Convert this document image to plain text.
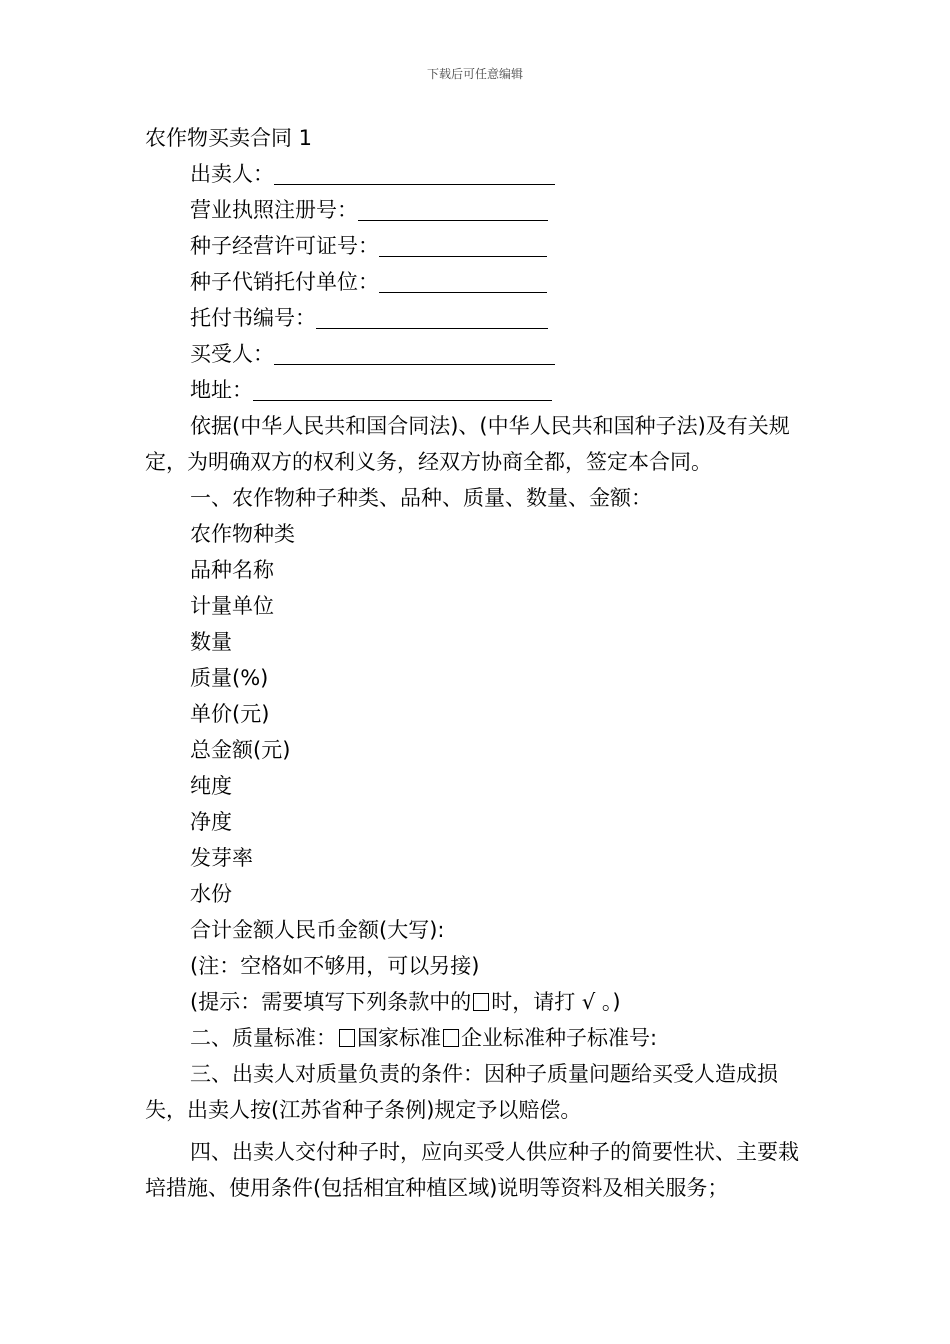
下载后可任意编辑

农作物买卖合同 1

出卖人：

营业执照注册号：

种子经营许可证号：

种子代销托付单位：

托付书编号：

买受人：

地址：

依据(中华人民共和国合同法)、(中华人民共和国种子法)及有关规定，为明确双方的权利义务，经双方协商全都，签定本合同。

一、农作物种子种类、品种、质量、数量、金额：

农作物种类

品种名称

计量单位

数量

质量(%)

单价(元)

总金额(元)

纯度

净度

发芽率

水份

合计金额人民币金额(大写):

(注：空格如不够用，可以另接)

(提示：需要填写下列条款中的 时，请打 √ 。)

二、质量标准： 国家标准 企业标准种子标准号:

三、出卖人对质量负责的条件：因种子质量问题给买受人造成损失，出卖人按(江苏省种子条例)规定予以赔偿。

四、出卖人交付种子时，应向买受人供应种子的简要性状、主要栽培措施、使用条件(包括相宜种植区域)说明等资料及相关服务；
